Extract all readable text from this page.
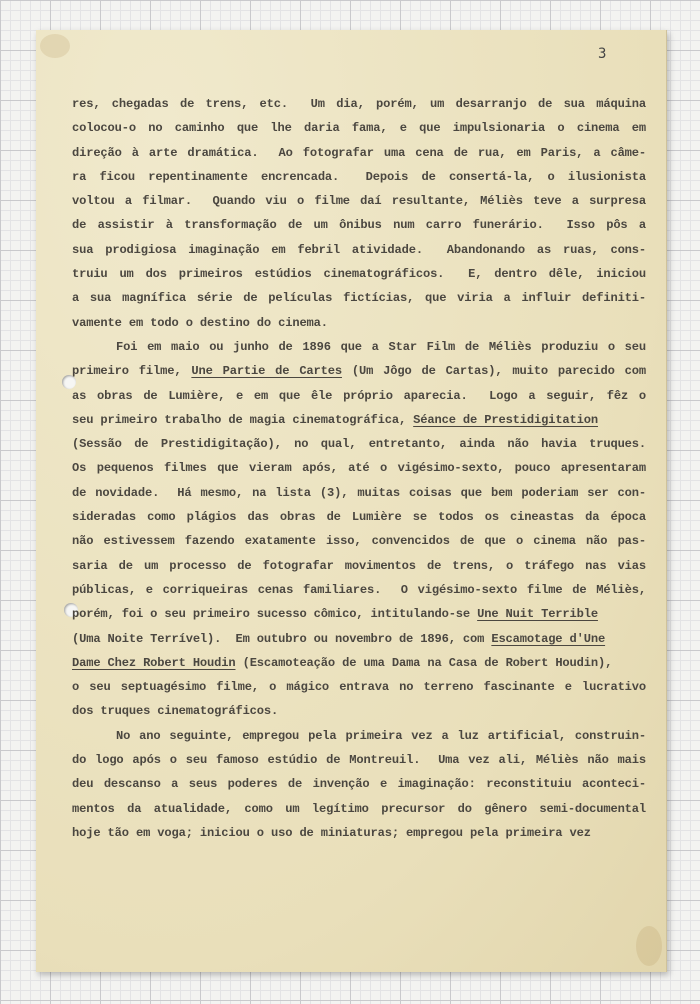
3
res, chegadas de trens, etc.  Um dia, porém, um desarranjo de sua máquina
colocou-o no caminho que lhe daria fama, e que impulsionaria o cinema em
direção à arte dramática.  Ao fotografar uma cena de rua, em Paris, a câme-
ra ficou repentinamente encrencada.  Depois de consertá-la, o ilusionista
voltou a filmar.  Quando viu o filme daí resultante, Méliès teve a surpresa
de assistir à transformação de um ônibus num carro funerário.  Isso pôs a
sua prodigiosa imaginação em febril atividade.  Abandonando as ruas, cons-
truiu um dos primeiros estúdios cinematográficos.  E, dentro dêle, iniciou
a sua magnífica série de películas fictícias, que viria a influir definiti-
vamente em todo o destino do cinema.
Foi em maio ou junho de 1896 que a Star Film de Méliès produziu o seu
primeiro filme, Une Partie de Cartes (Um Jôgo de Cartas), muito parecido com
as obras de Lumière, e em que êle próprio aparecia.  Logo a seguir, fêz o
seu primeiro trabalho de magia cinematográfica, Séance de Prestidigitation
(Sessão de Prestidigitação), no qual, entretanto, ainda não havia truques.
Os pequenos filmes que vieram após, até o vigésimo-sexto, pouco apresentaram
de novidade.  Há mesmo, na lista (3), muitas coisas que bem poderiam ser con-
sideradas como plágios das obras de Lumière se todos os cineastas da época
não estivessem fazendo exatamente isso, convencidos de que o cinema não pas-
saria de um processo de fotografar movimentos de trens, o tráfego nas vias
públicas, e corriqueiras cenas familiares.  O vigésimo-sexto filme de Méliès,
porém, foi o seu primeiro sucesso cômico, intitulando-se Une Nuit Terrible
(Uma Noite Terrível).  Em outubro ou novembro de 1896, com Escamotage d'Une
Dame Chez Robert Houdin (Escamoteação de uma Dama na Casa de Robert Houdin),
o seu septuagésimo filme, o mágico entrava no terreno fascinante e lucrativo
dos truques cinematográficos.
No ano seguinte, empregou pela primeira vez a luz artificial, construin-
do logo após o seu famoso estúdio de Montreuil.  Uma vez ali, Méliès não mais
deu descanso a seus poderes de invenção e imaginação: reconstituiu aconteci-
mentos da atualidade, como um legítimo precursor do gênero semi-documental
hoje tão em voga; iniciou o uso de miniaturas; empregou pela primeira vez
